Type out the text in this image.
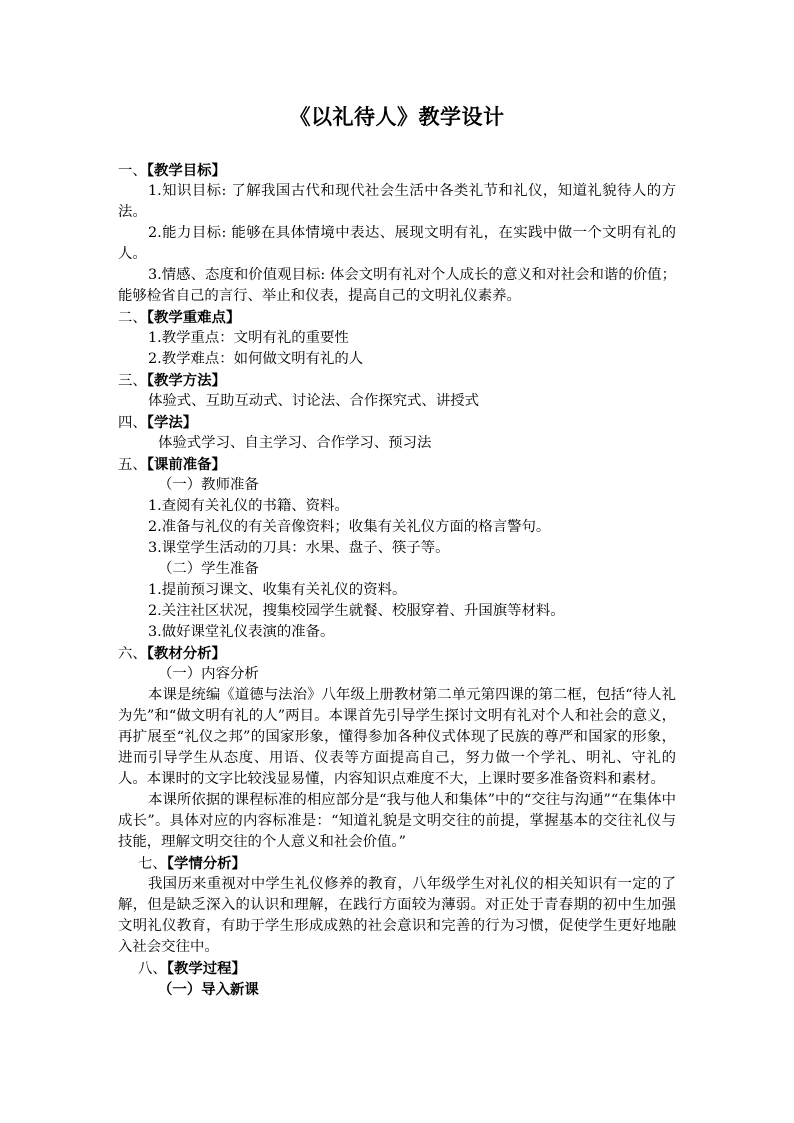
《以礼待人》教学设计
一、【教学目标】
1.知识目标: 了解我国古代和现代社会生活中各类礼节和礼仪，知道礼貌待人的方法。
2.能力目标: 能够在具体情境中表达、展现文明有礼，在实践中做一个文明有礼的人。
3.情感、态度和价值观目标: 体会文明有礼对个人成长的意义和对社会和谐的价值；能够检省自己的言行、举止和仪表，提高自己的文明礼仪素养。
二、【教学重难点】
1.教学重点：文明有礼的重要性
2.教学难点：如何做文明有礼的人
三、【教学方法】
体验式、互助互动式、讨论法、合作探究式、讲授式
四、【学法】
体验式学习、自主学习、合作学习、预习法
五、【课前准备】
（一）教师准备
1.查阅有关礼仪的书籍、资料。
2.准备与礼仪的有关音像资料；收集有关礼仪方面的格言警句。
3.课堂学生活动的刀具：水果、盘子、筷子等。
（二）学生准备
1.提前预习课文、收集有关礼仪的资料。
2.关注社区状况，搜集校园学生就餐、校服穿着、升国旗等材料。
3.做好课堂礼仪表演的准备。
六、【教材分析】
（一）内容分析
本课是统编《道德与法治》八年级上册教材第二单元第四课的第二框，包括“待人礼为先”和“做文明有礼的人”两目。本课首先引导学生探讨文明有礼对个人和社会的意义，再扩展至“礼仪之邦”的国家形象，懂得参加各种仪式体现了民族的尊严和国家的形象，进而引导学生从态度、用语、仪表等方面提高自己，努力做一个学礼、明礼、守礼的人。本课时的文字比较浅显易懂，内容知识点难度不大，上课时要多准备资料和素材。
本课所依据的课程标准的相应部分是“我与他人和集体”中的“交往与沟通”“在集体中成长”。具体对应的内容标准是：“知道礼貌是文明交往的前提，掌握基本的交往礼仪与技能，理解文明交往的个人意义和社会价值。”
七、【学情分析】
我国历来重视对中学生礼仪修养的教育，八年级学生对礼仪的相关知识有一定的了解，但是缺乏深入的认识和理解，在践行方面较为薄弱。对正处于青春期的初中生加强文明礼仪教育，有助于学生形成成熟的社会意识和完善的行为习惯，促使学生更好地融入社会交往中。
八、【教学过程】
（一）导入新课
